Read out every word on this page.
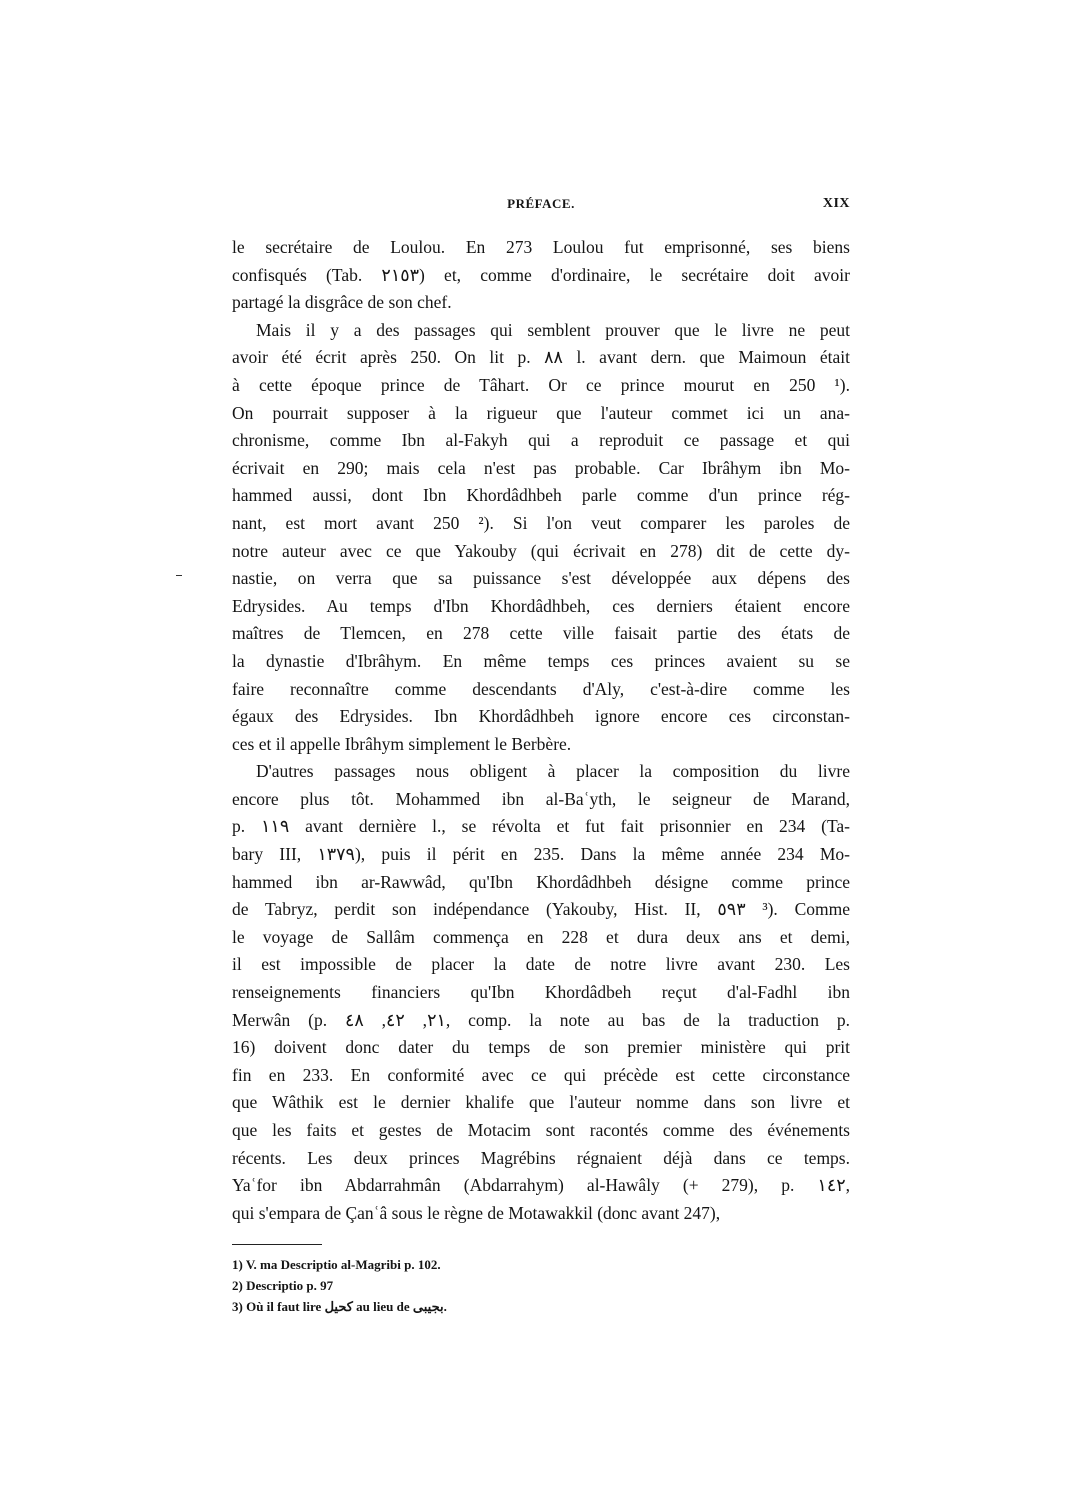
PRÉFACE.	XIX
le secrétaire de Loulou. En 273 Loulou fut emprisonné, ses biens
confisqués (Tab. ٢١٥٣) et, comme d'ordinaire, le secrétaire doit avoir
partagé la disgrâce de son chef.
Mais il y a des passages qui semblent prouver que le livre ne peut
avoir été écrit après 250. On lit p. ٨٨ l. avant dern. que Maimoun était
à cette époque prince de Tâhart. Or ce prince mourut en 250 ¹).
On pourrait supposer à la rigueur que l'auteur commet ici un ana-
chronisme, comme Ibn al-Fakyh qui a reproduit ce passage et qui
écrivait en 290; mais cela n'est pas probable. Car Ibrâhym ibn Mo-
hammed aussi, dont Ibn Khordâdhbeh parle comme d'un prince rég-
nant, est mort avant 250 ²). Si l'on veut comparer les paroles de
notre auteur avec ce que Yakouby (qui écrivait en 278) dit de cette dy-
nastie, on verra que sa puissance s'est développée aux dépens des
Edrysides. Au temps d'Ibn Khordâdhbeh, ces derniers étaient encore
maîtres de Tlemcen, en 278 cette ville faisait partie des états de
la dynastie d'Ibrâhym. En même temps ces princes avaient su se
faire reconnaître comme descendants d'Aly, c'est-à-dire comme les
égaux des Edrysides. Ibn Khordâdhbeh ignore encore ces circonstan-
ces et il appelle Ibrâhym simplement le Berbère.
D'autres passages nous obligent à placer la composition du livre
encore plus tôt. Mohammed ibn al-Baʿyth, le seigneur de Marand,
p. ١١٩ avant dernière l., se révolta et fut fait prisonnier en 234 (Ta-
bary III, ١٣٧٩), puis il périt en 235. Dans la même année 234 Mo-
hammed ibn ar-Rawwâd, qu'Ibn Khordâdhbeh désigne comme prince
de Tabryz, perdit son indépendance (Yakouby, Hist. II, ٥٩٣ ³). Comme
le voyage de Sallâm commença en 228 et dura deux ans et demi,
il est impossible de placer la date de notre livre avant 230. Les
renseignements financiers qu'Ibn Khordâdbeh reçut d'al-Fadhl ibn
Merwân (p. ٢١, ٤٢, ٤٨, comp. la note au bas de la traduction p.
16) doivent donc dater du temps de son premier ministère qui prit
fin en 233. En conformité avec ce qui précède est cette circonstance
que Wâthik est le dernier khalife que l'auteur nomme dans son livre et
que les faits et gestes de Motacim sont racontés comme des événements
récents. Les deux princes Magrébins régnaient déjà dans ce temps.
Yaʿfor ibn Abdarrahmân (Abdarrahym) al-Hawâly (+ 279), p. ١٤٢,
qui s'empara de Çanʿâ sous le règne de Motawakkil (donc avant 247),
1) V. ma Descriptio al-Magribi p. 102.
2) Descriptio p. 97
3) Où il faut lire كحيل au lieu de بجيبى.
